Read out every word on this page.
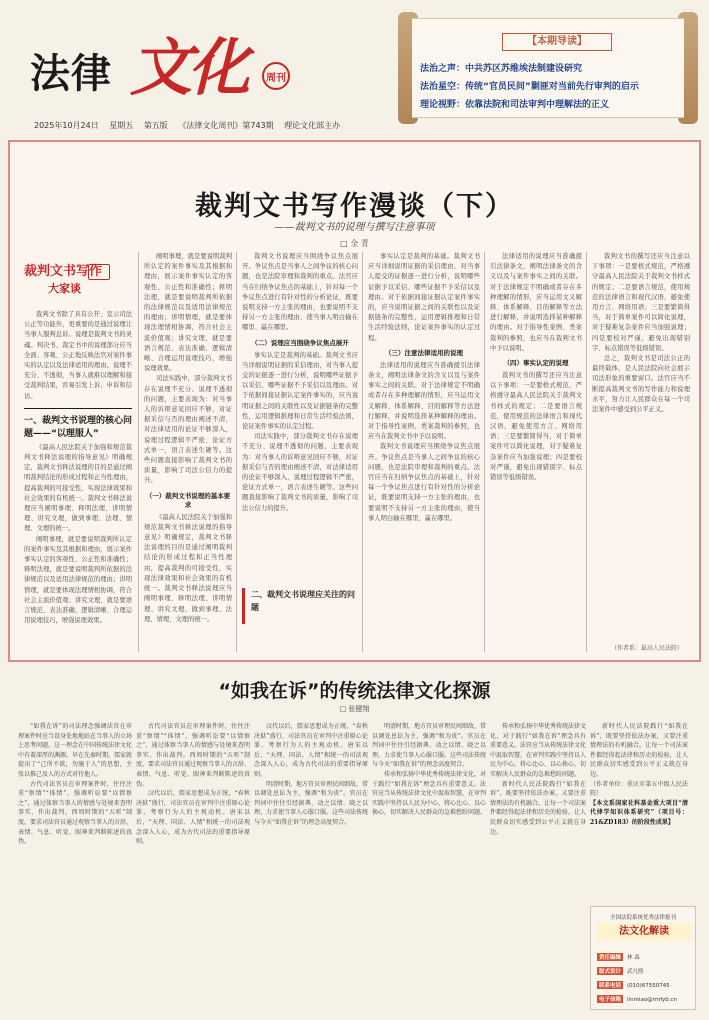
法律 文化	周刊
2025年10月24日 星期五 第五版 《法律文化周刊》第743期 理论文化部主办
【本期导读】
法治之声：中共苏区苏维埃法制建设研究
法治星空：传统“官员民间”剿匪对当前先行审判的启示
理论视野：依靠法院和司法审判中理解法的正义
裁判文书写作漫谈（下）
——裁判文书的说理与撰写注意事项
□ 全 青
裁判文书写作
大家谈

裁判文书除了具有公开、宣示司法公正等功能外，更重要的是通过说理让当事人服判息诉。说理是裁判文书的灵魂。判决书、裁定书中的说理部分应当全面、客观、公正地反映法官对案件事实的认定以及法律适用的理由。说理不充分、不透彻，当事人就难以理解和接受裁判结果，容易引发上诉、申诉和信访。

一、裁判文书说理的核心问题——“以理服人”

《最高人民法院关于加强和规范裁判文书释法说理的指导意见》明确规定，裁判文书释法说理的目的是通过阐明裁判结论的形成过程和正当性理由，提高裁判的可接受性，实现法律效果和社会效果的有机统一。裁判文书释法说理应当阐明事理、释明法理、讲明情理、讲究文理，做到事理、法理、情理、文理的统一。

阐明事理，就是要说明裁判所认定的案件事实及其根据和理由，展示案件事实认定的客观性、公正性和准确性；释明法理，就是要说明裁判所依据的法律规范以及适用法律规范的理由；讲明情理，就是要体现法理情相协调，符合社会主流价值观；讲究文理，就是要语言规范、表达准确、逻辑清晰、合理运用说理技巧，增强说理效果。

阐明事理，就是要说明裁判所认定的案件事实及其根据和理由，展示案件事实认定的客观性、公正性和准确性；释明法理，就是要说明裁判所依据的法律规范以及适用法律规范的理由；讲明情理，就是要体现法理情相协调，符合社会主流价值观；讲究文理，就是要语言规范、表达准确、逻辑清晰、合理运用说理技巧，增强说理效果。

司法实践中，部分裁判文书存在说理不充分、说理不透彻的问题，主要表现为：对当事人的诉辩意见回应不够，对证据采信与否的理由阐述不清，对法律适用的论证不够深入，说理过程逻辑不严密，论证方式单一，语言表述生硬等。这些问题直接影响了裁判文书的质量，影响了司法公信力的提升。

（一）裁判文书说理的基本要求

《最高人民法院关于加强和规范裁判文书释法说理的指导意见》明确规定，裁判文书释法说理的目的是通过阐明裁判结论的形成过程和正当性理由，提高裁判的可接受性，实现法律效果和社会效果的有机统一。裁判文书释法说理应当阐明事理、释明法理、讲明情理、讲究文理，做到事理、法理、情理、文理的统一。

裁判文书说理应当围绕争议焦点展开。争议焦点是当事人之间争议的核心问题，也是法院审理和裁判的重点。法官应当在归纳争议焦点的基础上，针对每一个争议焦点进行有针对性的分析论证，既要说明支持一方主张的理由，也要说明不支持另一方主张的理由，使当事人明白输在哪里、赢在哪里。

（二）说理应当围绕争议焦点展开

事实认定是裁判的基础。裁判文书应当详细说明证据的采信理由，对当事人提交的证据逐一进行分析，说明哪些证据予以采信、哪些证据不予采信以及理由。对于依据间接证据认定案件事实的，应当说明证据之间的关联性以及证据链条的完整性，运用逻辑推理和日常生活经验法则，论证案件事实的认定过程。

司法实践中，部分裁判文书存在说理不充分、说理不透彻的问题，主要表现为：对当事人的诉辩意见回应不够，对证据采信与否的理由阐述不清，对法律适用的论证不够深入，说理过程逻辑不严密，论证方式单一，语言表述生硬等。这些问题直接影响了裁判文书的质量，影响了司法公信力的提升。

二、裁判文书说理应关注的问题

事实认定是裁判的基础。裁判文书应当详细说明证据的采信理由，对当事人提交的证据逐一进行分析，说明哪些证据予以采信、哪些证据不予采信以及理由。对于依据间接证据认定案件事实的，应当说明证据之间的关联性以及证据链条的完整性，运用逻辑推理和日常生活经验法则，论证案件事实的认定过程。

（三）注意法律适用的说理

法律适用的说理应当准确援引法律条文，阐明法律条文的含义以及与案件事实之间的关联。对于法律规定不明确或者存在多种理解的情形，应当运用文义解释、体系解释、目的解释等方法进行解释，并说明选择某种解释的理由。对于指导性案例、类案裁判的参照，也应当在裁判文书中予以说明。

裁判文书说理应当围绕争议焦点展开。争议焦点是当事人之间争议的核心问题，也是法院审理和裁判的重点。法官应当在归纳争议焦点的基础上，针对每一个争议焦点进行有针对性的分析论证，既要说明支持一方主张的理由，也要说明不支持另一方主张的理由，使当事人明白输在哪里、赢在哪里。

法律适用的说理应当准确援引法律条文，阐明法律条文的含义以及与案件事实之间的关联。对于法律规定不明确或者存在多种理解的情形，应当运用文义解释、体系解释、目的解释等方法进行解释，并说明选择某种解释的理由。对于指导性案例、类案裁判的参照，也应当在裁判文书中予以说明。

（四）事实认定的说理

裁判文书的撰写还应当注意以下事项：一是要格式规范，严格遵守最高人民法院关于裁判文书样式的规定；二是要语言规范，使用规范的法律语言和现代汉语，避免使用方言、网络用语；三是要繁简得当，对于简单案件可以简化说理，对于疑难复杂案件应当加强说理；四是要校对严谨，避免出现错别字、标点错误等低级错误。

裁判文书的撰写还应当注意以下事项：一是要格式规范，严格遵守最高人民法院关于裁判文书样式的规定；二是要语言规范，使用规范的法律语言和现代汉语，避免使用方言、网络用语；三是要繁简得当，对于简单案件可以简化说理，对于疑难复杂案件应当加强说理；四是要校对严谨，避免出现错别字、标点错误等低级错误。

总之，裁判文书是司法公正的最终载体，是人民法院向社会展示司法形象的重要窗口。法官应当不断提高裁判文书的写作能力和说理水平，努力让人民群众在每一个司法案件中感受到公平正义。

（作者系：最高人民法院）
“如我在诉”的传统法律文化探源
□ 张健翔

“如我在诉”的司法理念强调法官在审理案件时应当设身处地地站在当事人的立场上思考问题，这一理念在中国传统法律文化中有着深厚的渊源。早在先秦时期，儒家就提出了“己所不欲，勿施于人”的思想，主张以推己及人的方式对待他人。

古代司法官员在审理案件时，往往注重“察情”“体情”，强调听讼要“以情察之”，通过体察当事人的情感与处境来查明事实、作出裁判。西周时期的“五听”制度，要求司法官员通过观察当事人的言辞、表情、气息、听觉、眼神来判断陈述的真伪。

古代司法官员在审理案件时，往往注重“察情”“体情”，强调听讼要“以情察之”，通过体察当事人的情感与处境来查明事实、作出裁判。西周时期的“五听”制度，要求司法官员通过观察当事人的言辞、表情、气息、听觉、眼神来判断陈述的真伪。

汉代以后，儒家思想成为正统，“春秋决狱”盛行，司法官员在审判中注重原心论罪，考察行为人的主观动机。唐宋以后，“天理、国法、人情”相统一的司法观念深入人心，成为古代司法的重要指导原则。

汉代以后，儒家思想成为正统，“春秋决狱”盛行，司法官员在审判中注重原心论罪，考察行为人的主观动机。唐宋以后，“天理、国法、人情”相统一的司法观念深入人心，成为古代司法的重要指导原则。

明清时期，地方官员审理民间细故，常以调处息讼为主，强调“和为贵”。官员在判词中往往引经据典、动之以情、晓之以理，力求使当事人心服口服。这些司法传统与今天“如我在诉”的理念高度契合。

明清时期，地方官员审理民间细故，常以调处息讼为主，强调“和为贵”。官员在判词中往往引经据典、动之以情、晓之以理，力求使当事人心服口服。这些司法传统与今天“如我在诉”的理念高度契合。

传承和弘扬中华优秀传统法律文化，对于践行“如我在诉”理念具有重要意义。法官应当从传统法律文化中汲取智慧，在审判实践中坚持以人民为中心，将心比心、以心换心，切实解决人民群众的急难愁盼问题。

传承和弘扬中华优秀传统法律文化，对于践行“如我在诉”理念具有重要意义。法官应当从传统法律文化中汲取智慧，在审判实践中坚持以人民为中心，将心比心、以心换心，切实解决人民群众的急难愁盼问题。

新时代人民法院践行“如我在诉”，既要坚持依法办案，又要注重情理法的有机融合，让每一个司法案件都经得起法律和历史的检验，让人民群众切实感受到公平正义就在身边。

新时代人民法院践行“如我在诉”，既要坚持依法办案，又要注重情理法的有机融合，让每一个司法案件都经得起法律和历史的检验，让人民群众切实感受到公平正义就在身边。

（作者单位：重庆市第五中级人民法院）

【本文系国家社科基金重大项目“清代律学知识体系研究”（项目号：21&ZD183）的阶段性成果】

全国法院系统优秀法律报刊
法文化解读
责任编辑 林 森
版式设计 武凡熙
联系电话 (010)67550745
电子信箱 linmiao@rmfyb.cn
